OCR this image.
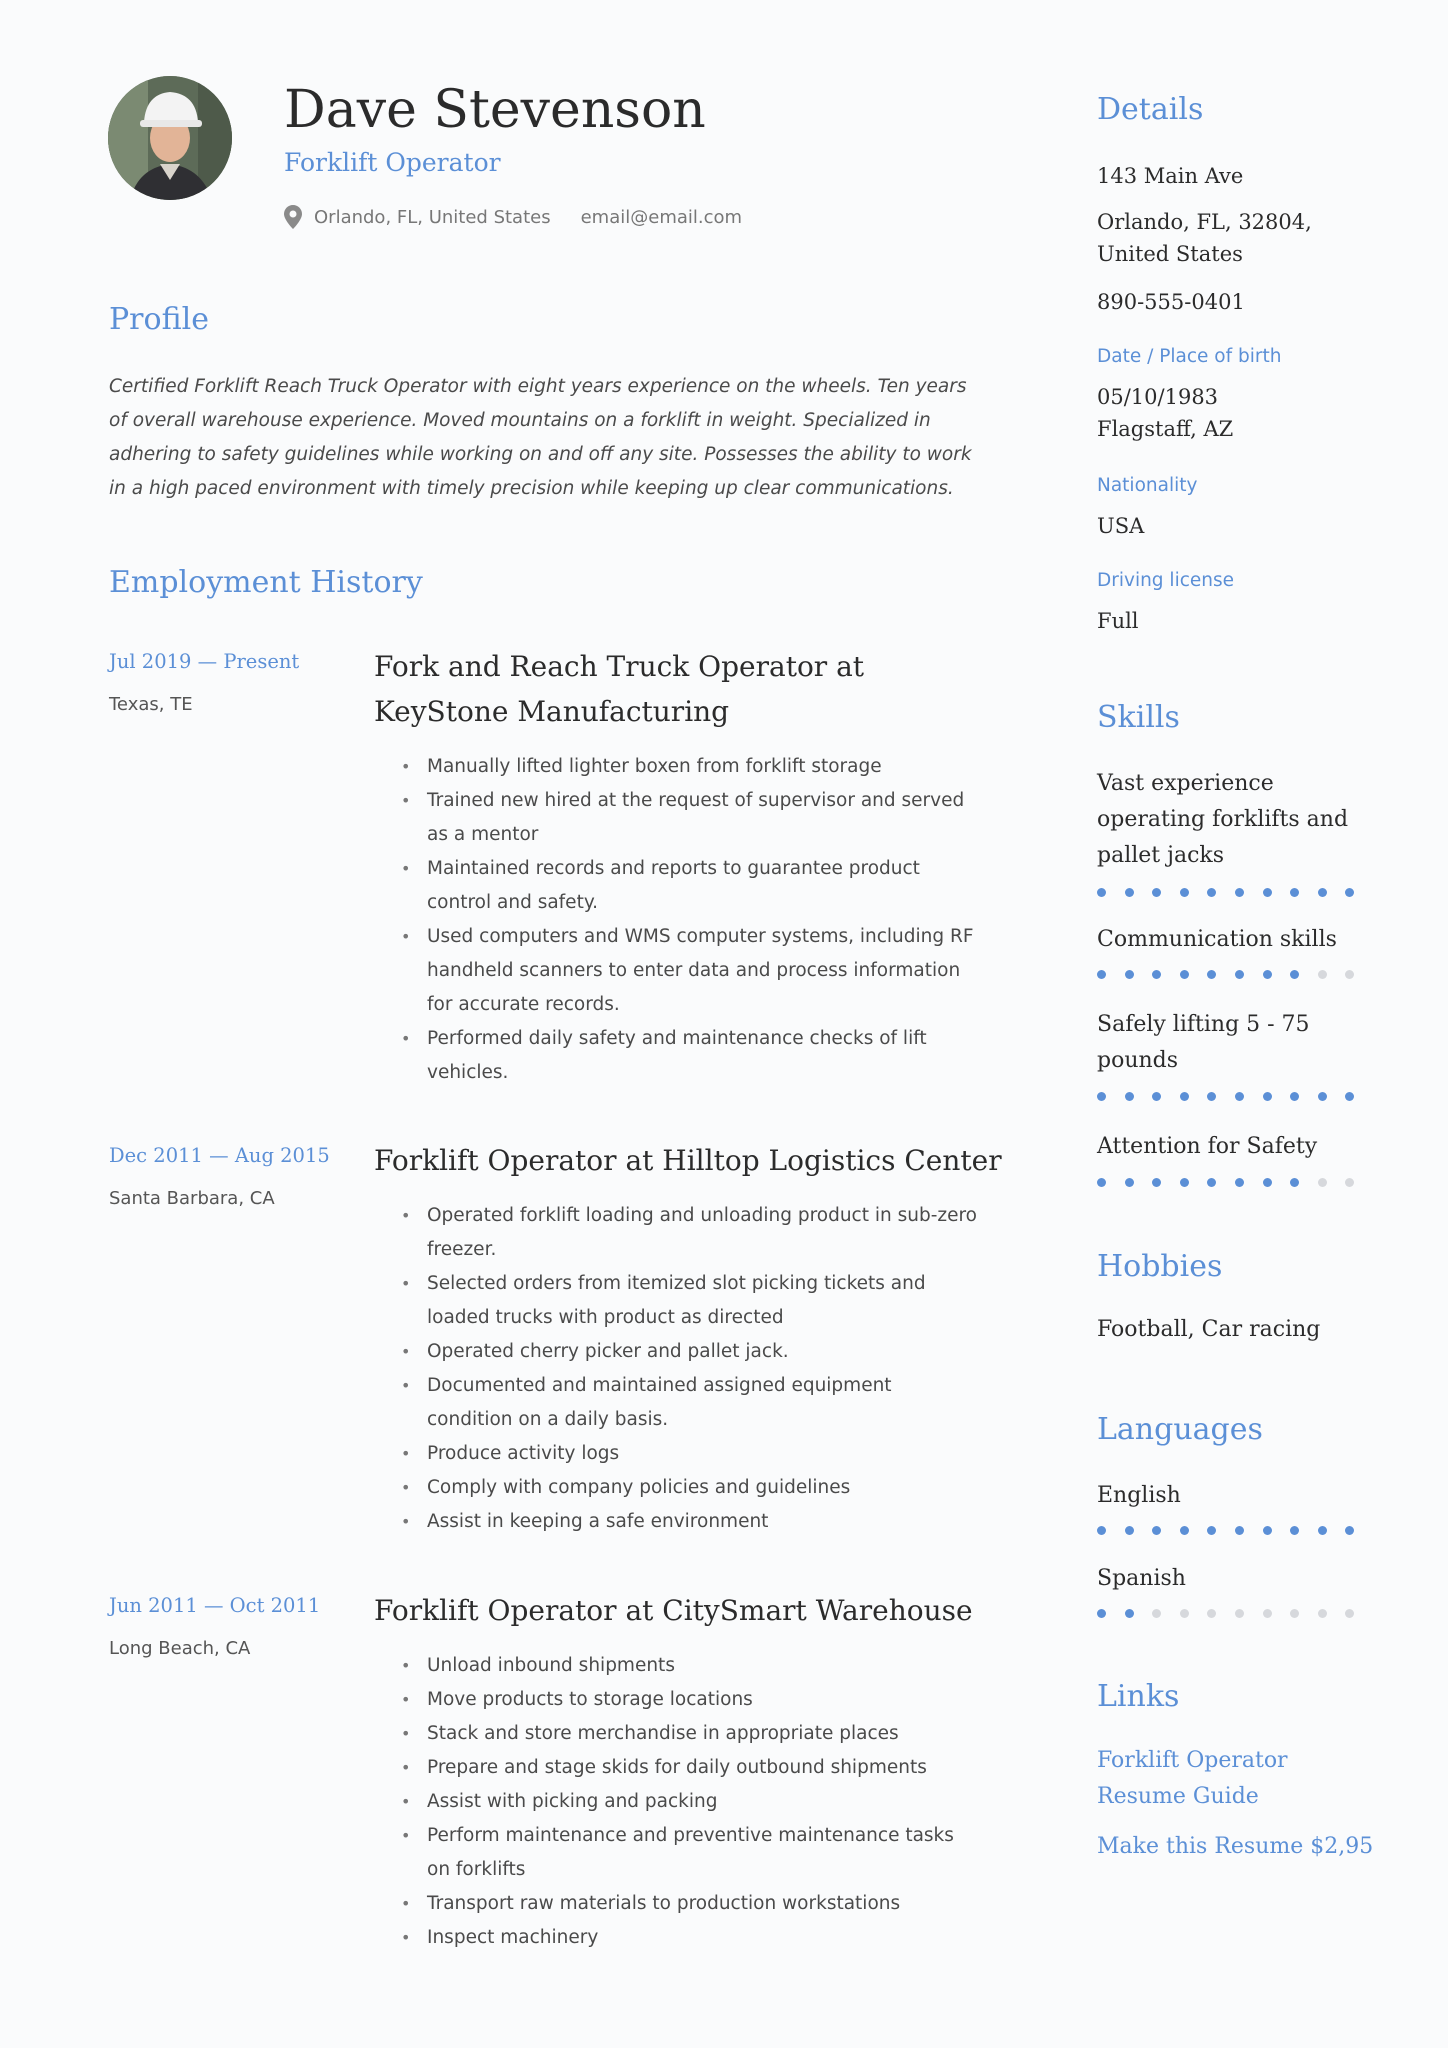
Dave Stevenson
Forklift Operator
Orlando, FL, United States email@email.com
Profile
Certified Forklift Reach Truck Operator with eight years experience on the wheels. Ten years of overall warehouse experience. Moved mountains on a forklift in weight. Specialized in adhering to safety guidelines while working on and off any site. Possesses the ability to work in a high paced environment with timely precision while keeping up clear communications.
Employment History
Jul 2019 — Present
Texas, TE
Fork and Reach Truck Operator at KeyStone Manufacturing
• Manually lifted lighter boxen from forklift storage
• Trained new hired at the request of supervisor and served as a mentor
• Maintained records and reports to guarantee product control and safety.
• Used computers and WMS computer systems, including RF handheld scanners to enter data and process information for accurate records.
• Performed daily safety and maintenance checks of lift vehicles.
Dec 2011 — Aug 2015
Santa Barbara, CA
Forklift Operator at Hilltop Logistics Center
• Operated forklift loading and unloading product in sub-zero freezer.
• Selected orders from itemized slot picking tickets and loaded trucks with product as directed
• Operated cherry picker and pallet jack.
• Documented and maintained assigned equipment condition on a daily basis.
• Produce activity logs
• Comply with company policies and guidelines
• Assist in keeping a safe environment
Jun 2011 — Oct 2011
Long Beach, CA
Forklift Operator at CitySmart Warehouse
• Unload inbound shipments
• Move products to storage locations
• Stack and store merchandise in appropriate places
• Prepare and stage skids for daily outbound shipments
• Assist with picking and packing
• Perform maintenance and preventive maintenance tasks on forklifts
• Transport raw materials to production workstations
• Inspect machinery
Details
143 Main Ave
Orlando, FL, 32804, United States
890-555-0401
Date / Place of birth
05/10/1983
Flagstaff, AZ
Nationality
USA
Driving license
Full
Skills
Vast experience operating forklifts and pallet jacks
Communication skills
Safely lifting 5 - 75 pounds
Attention for Safety
Hobbies
Football, Car racing
Languages
English
Spanish
Links
Forklift Operator Resume Guide
Make this Resume $2,95
